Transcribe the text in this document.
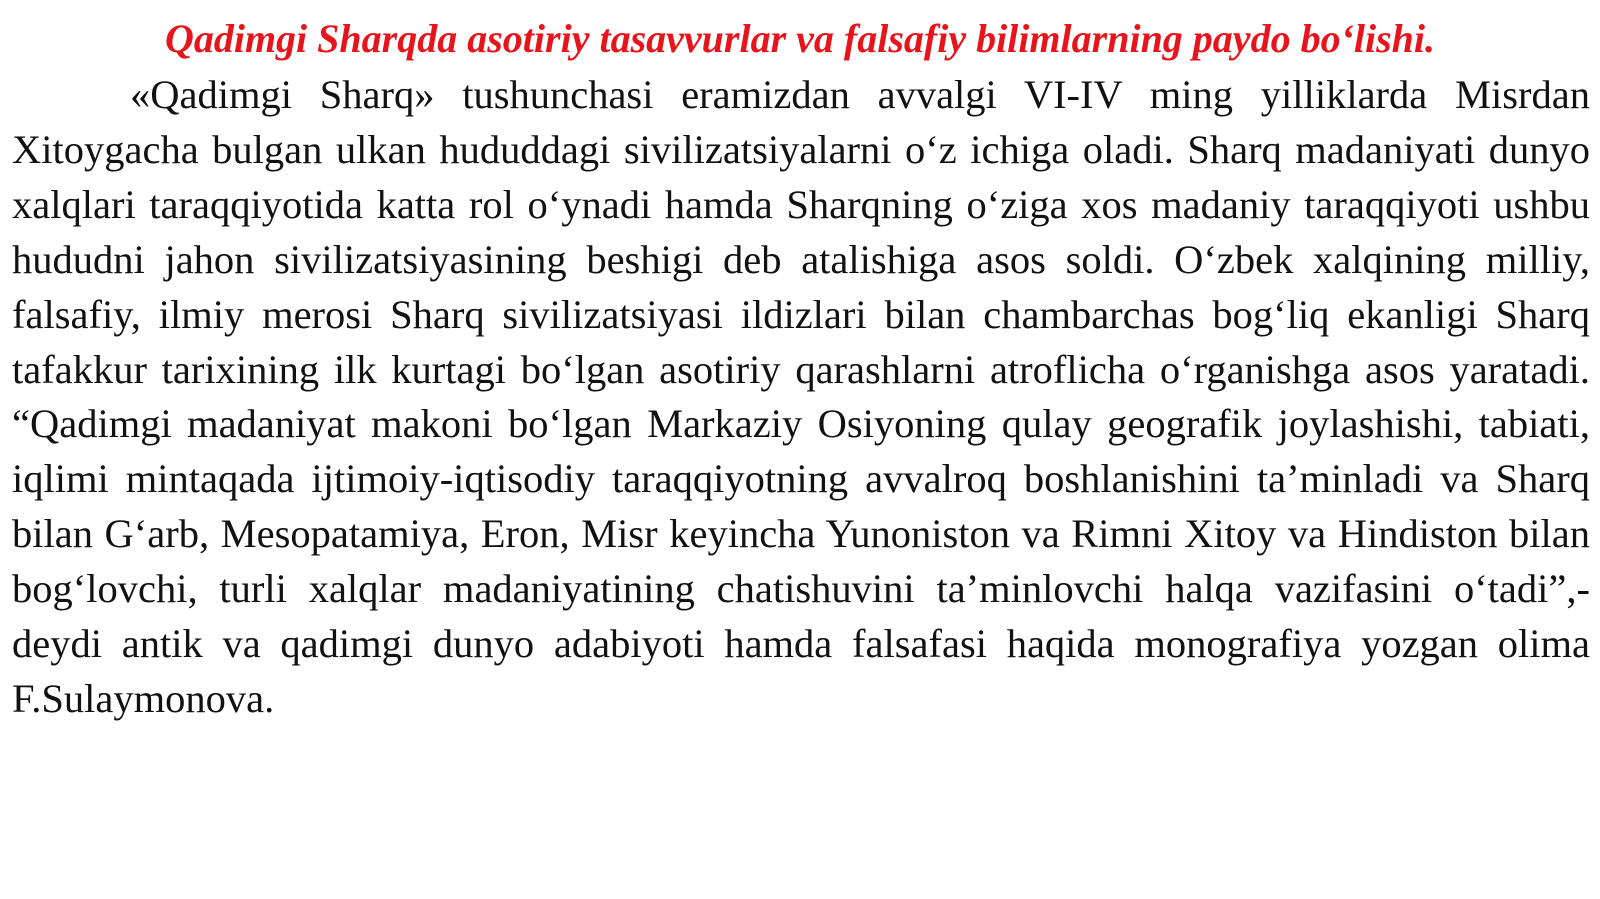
Qadimgi Sharqda asotiriy tasavvurlar va falsafiy bilimlarning paydo bo‘lishi.

«Qadimgi Sharq» tushunchasi eramizdan avvalgi VI-IV ming yilliklarda Misrdan Xitoygacha bulgan ulkan hududdagi sivilizatsiyalarni o‘z ichiga oladi. Sharq madaniyati dunyo xalqlari taraqqiyotida katta rol o‘ynadi hamda Sharqning o‘ziga xos madaniy taraqqiyoti ushbu hududni jahon sivilizatsiyasining beshigi deb atalishiga asos soldi. O‘zbek xalqining milliy, falsafiy, ilmiy merosi Sharq sivilizatsiyasi ildizlari bilan chambarchas bog‘liq ekanligi Sharq tafakkur tarixining ilk kurtagi bo‘lgan asotiriy qarashlarni atroflicha o‘rganishga asos yaratadi. “Qadimgi madaniyat makoni bo‘lgan Markaziy Osiyoning qulay geografik joylashishi, tabiati, iqlimi mintaqada ijtimoiy-iqtisodiy taraqqiyotning avvalroq boshlanishini ta’minladi va Sharq bilan G‘arb, Mesopatamiya, Eron, Misr keyincha Yunoniston va Rimni Xitoy va Hindiston bilan bog‘lovchi, turli xalqlar madaniyatining chatishuvini ta’minlovchi halqa vazifasini o‘tadi”,- deydi antik va qadimgi dunyo adabiyoti hamda falsafasi haqida monografiya yozgan olima F.Sulaymonova.
